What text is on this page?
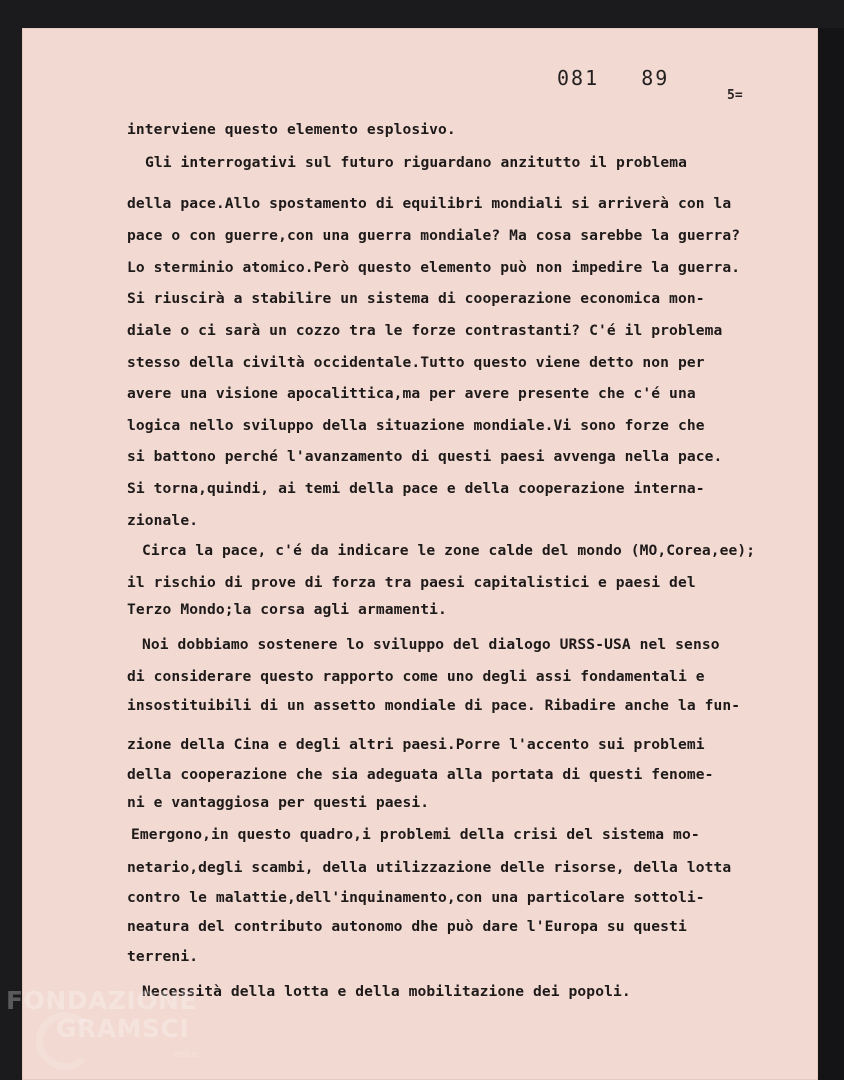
081   89
5=
interviene questo elemento esplosivo.
Gli interrogativi sul futuro riguardano anzitutto il problema
della pace.Allo spostamento di equilibri mondiali si arriverà con la
pace o con guerre,con una guerra mondiale? Ma cosa sarebbe la guerra?
Lo sterminio atomico.Però questo elemento può non impedire la guerra.
Si riuscirà a stabilire un sistema di cooperazione economica mon-
diale o ci sarà un cozzo tra le forze contrastanti? C'é il problema
stesso della civiltà occidentale.Tutto questo viene detto non per
avere una visione apocalittica,ma per avere presente che c'é una
logica nello sviluppo della situazione mondiale.Vi sono forze che
si battono perché l'avanzamento di questi paesi avvenga nella pace.
Si torna,quindi, ai temi della pace e della cooperazione interna-
zionale.
Circa la pace, c'é da indicare le zone calde del mondo (MO,Corea,ee);
il rischio di prove di forza tra paesi capitalistici e paesi del
Terzo Mondo;la corsa agli armamenti.
Noi dobbiamo sostenere lo sviluppo del dialogo URSS-USA nel senso
di considerare questo rapporto come uno degli assi fondamentali e
insostituibili di un assetto mondiale di pace. Ribadire anche la fun-
zione della Cina e degli altri paesi.Porre l'accento sui problemi
della cooperazione che sia adeguata alla portata di questi fenome-
ni e vantaggiosa per questi paesi.
Emergono,in questo quadro,i problemi della crisi del sistema mo-
netario,degli scambi, della utilizzazione delle risorse, della lotta
contro le malattie,dell'inquinamento,con una particolare sottoli-
neatura del contributo autonomo dhe può dare l'Europa su questi
terreni.
Necessità della lotta e della mobilitazione dei popoli.
FONDAZIONE
GRAMSCI
onlus
